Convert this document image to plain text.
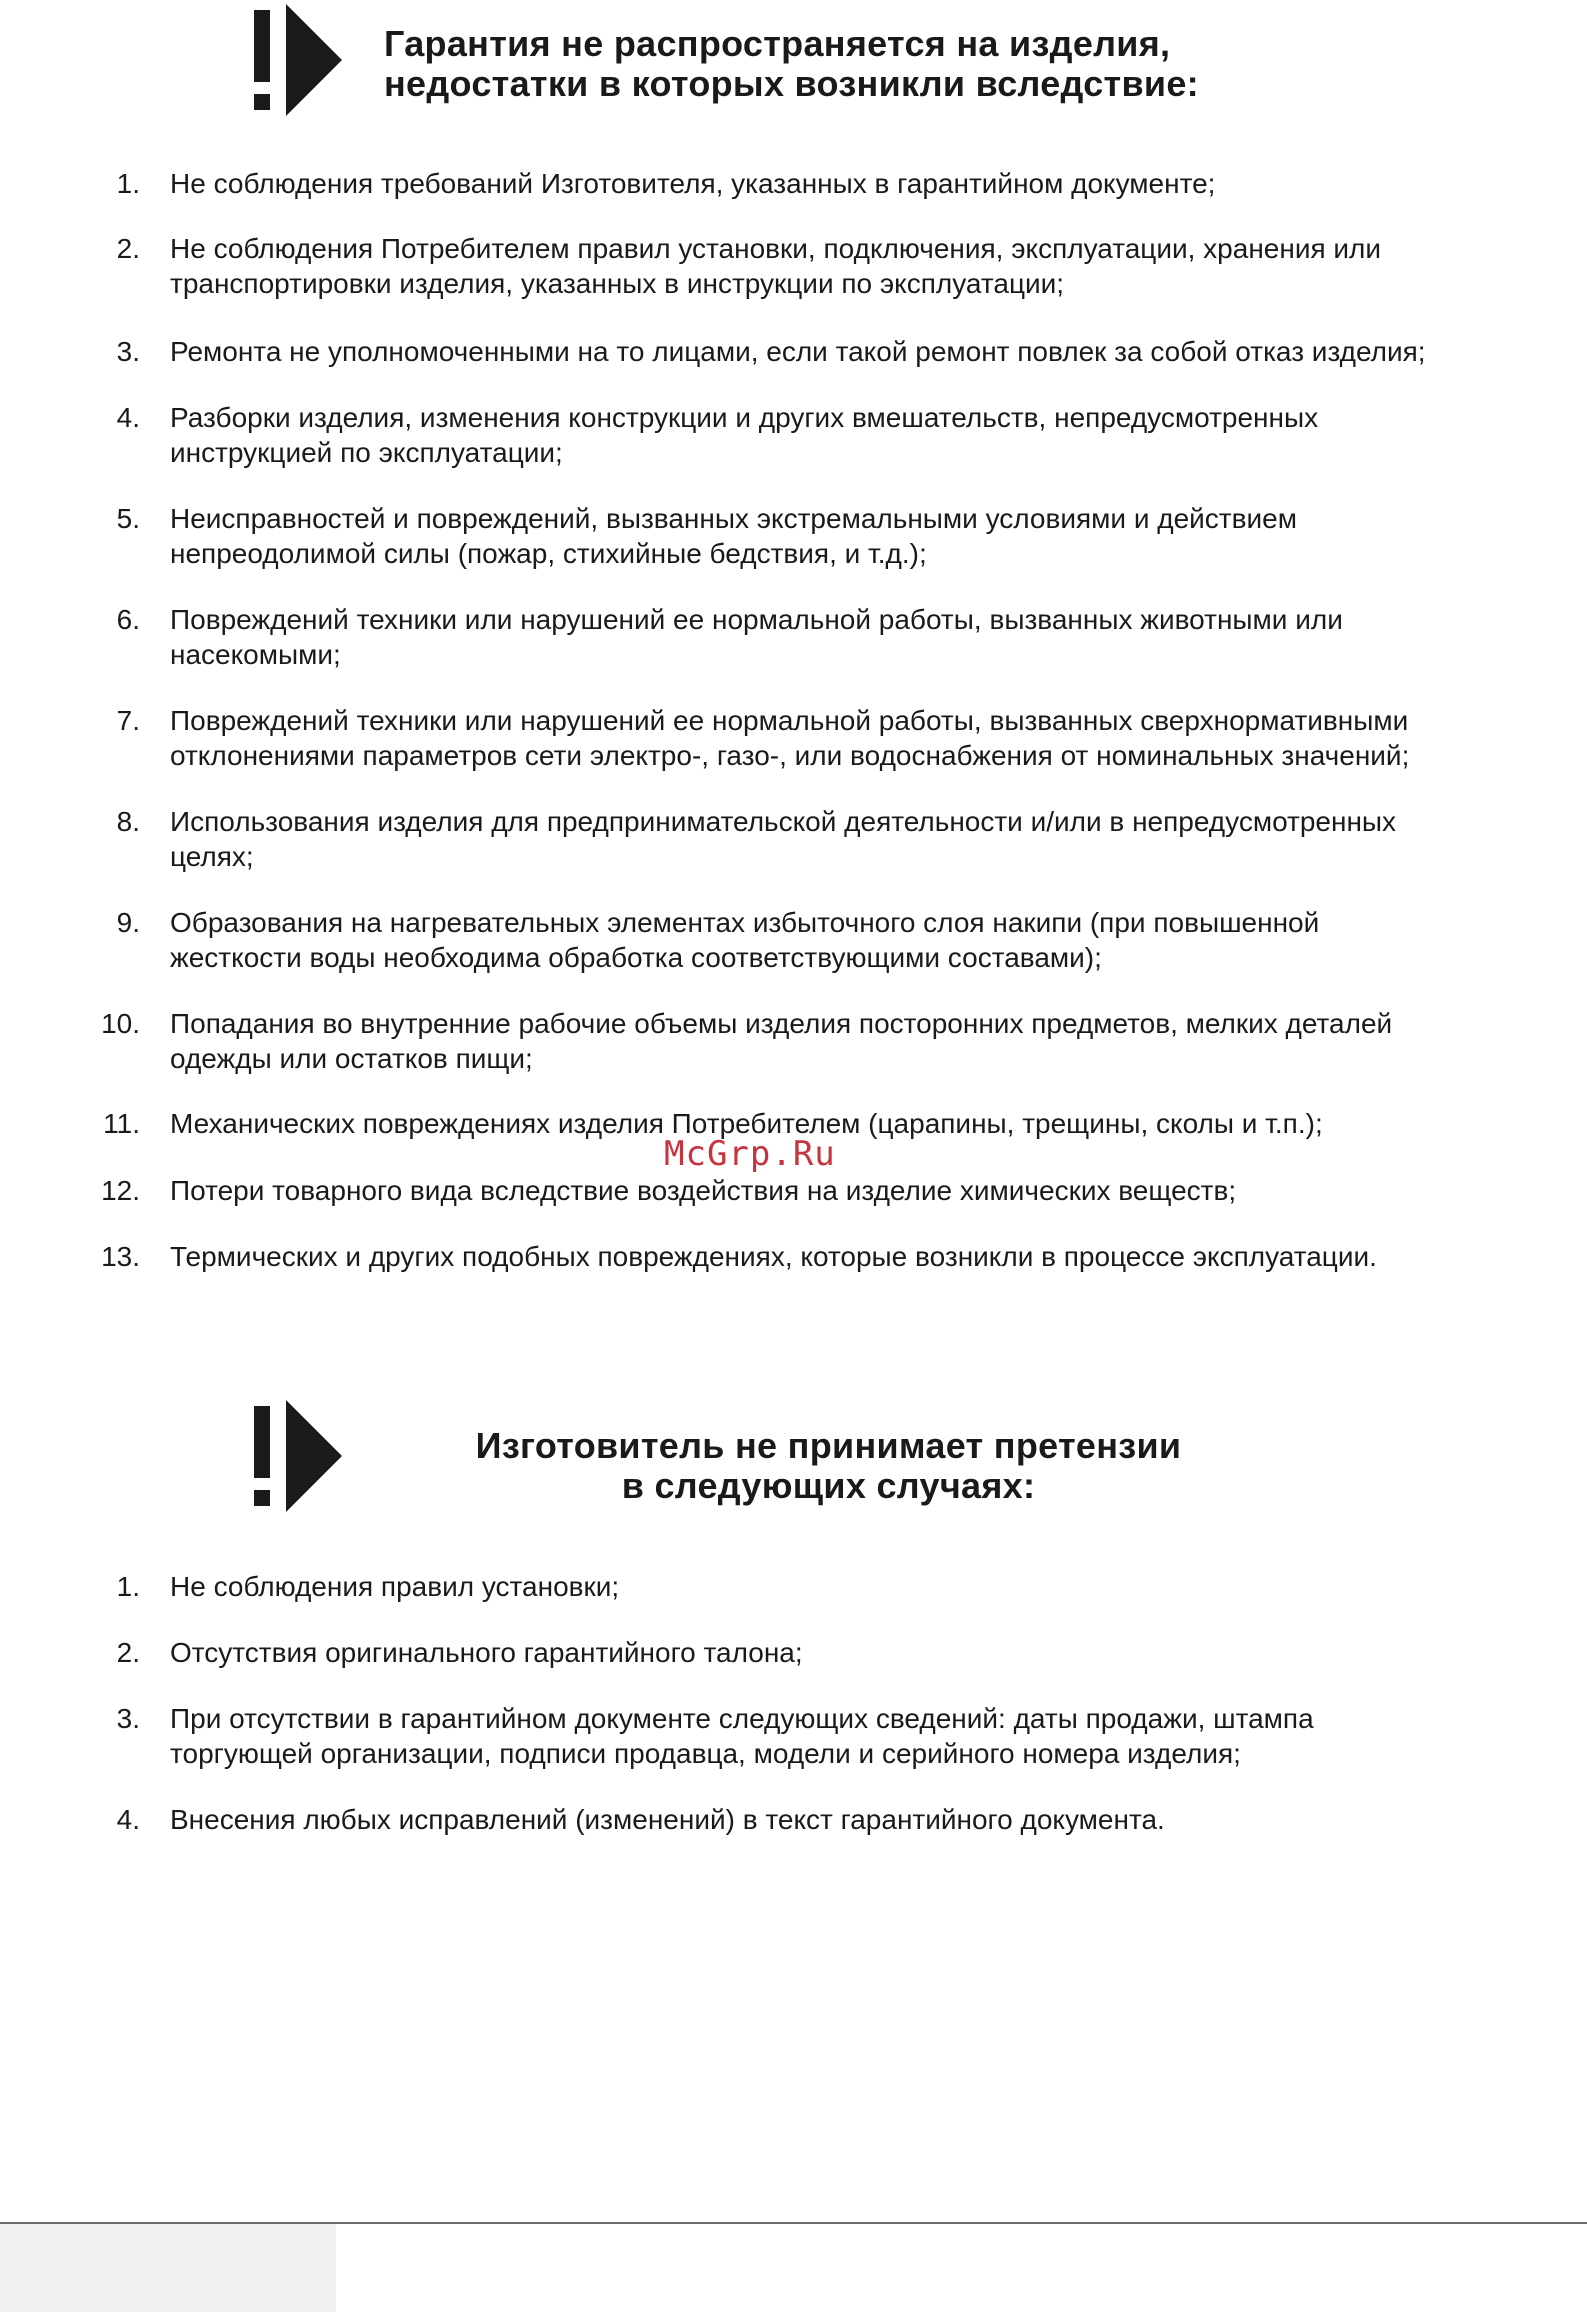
Гарантия не распространяется на изделия,
недостатки в которых возникли вследствие:
1. Не соблюдения требований Изготовителя, указанных в гарантийном документе;
2. Не соблюдения Потребителем правил установки, подключения, эксплуатации, хранения или
транспортировки изделия, указанных в инструкции по эксплуатации;
3. Ремонта не уполномоченными на то лицами, если такой ремонт повлек за собой отказ изделия;
4. Разборки изделия, изменения конструкции и других вмешательств, непредусмотренных
инструкцией по эксплуатации;
5. Неисправностей и повреждений, вызванных экстремальными условиями и действием
непреодолимой силы (пожар, стихийные бедствия, и т.д.);
6. Повреждений техники или нарушений ее нормальной работы, вызванных животными или
насекомыми;
7. Повреждений техники или нарушений ее нормальной работы, вызванных сверхнормативными
отклонениями параметров сети электро-, газо-, или водоснабжения от номинальных значений;
8. Использования изделия для предпринимательской деятельности и/или в непредусмотренных
целях;
9. Образования на нагревательных элементах избыточного слоя накипи (при повышенной
жесткости воды необходима обработка соответствующими составами);
10. Попадания во внутренние рабочие объемы изделия посторонних предметов, мелких деталей
одежды или остатков пищи;
11. Механических повреждениях изделия Потребителем (царапины, трещины, сколы и т.п.);
12. Потери товарного вида вследствие воздействия на изделие химических веществ;
13. Термических и других подобных повреждениях, которые возникли в процессе эксплуатации.
Изготовитель не принимает претензии
в следующих случаях:
1. Не соблюдения правил установки;
2. Отсутствия оригинального гарантийного талона;
3. При отсутствии в гарантийном документе следующих сведений: даты продажи, штампа
торгующей организации, подписи продавца, модели и серийного номера изделия;
4. Внесения любых исправлений (изменений) в текст гарантийного документа.
McGrp.Ru
